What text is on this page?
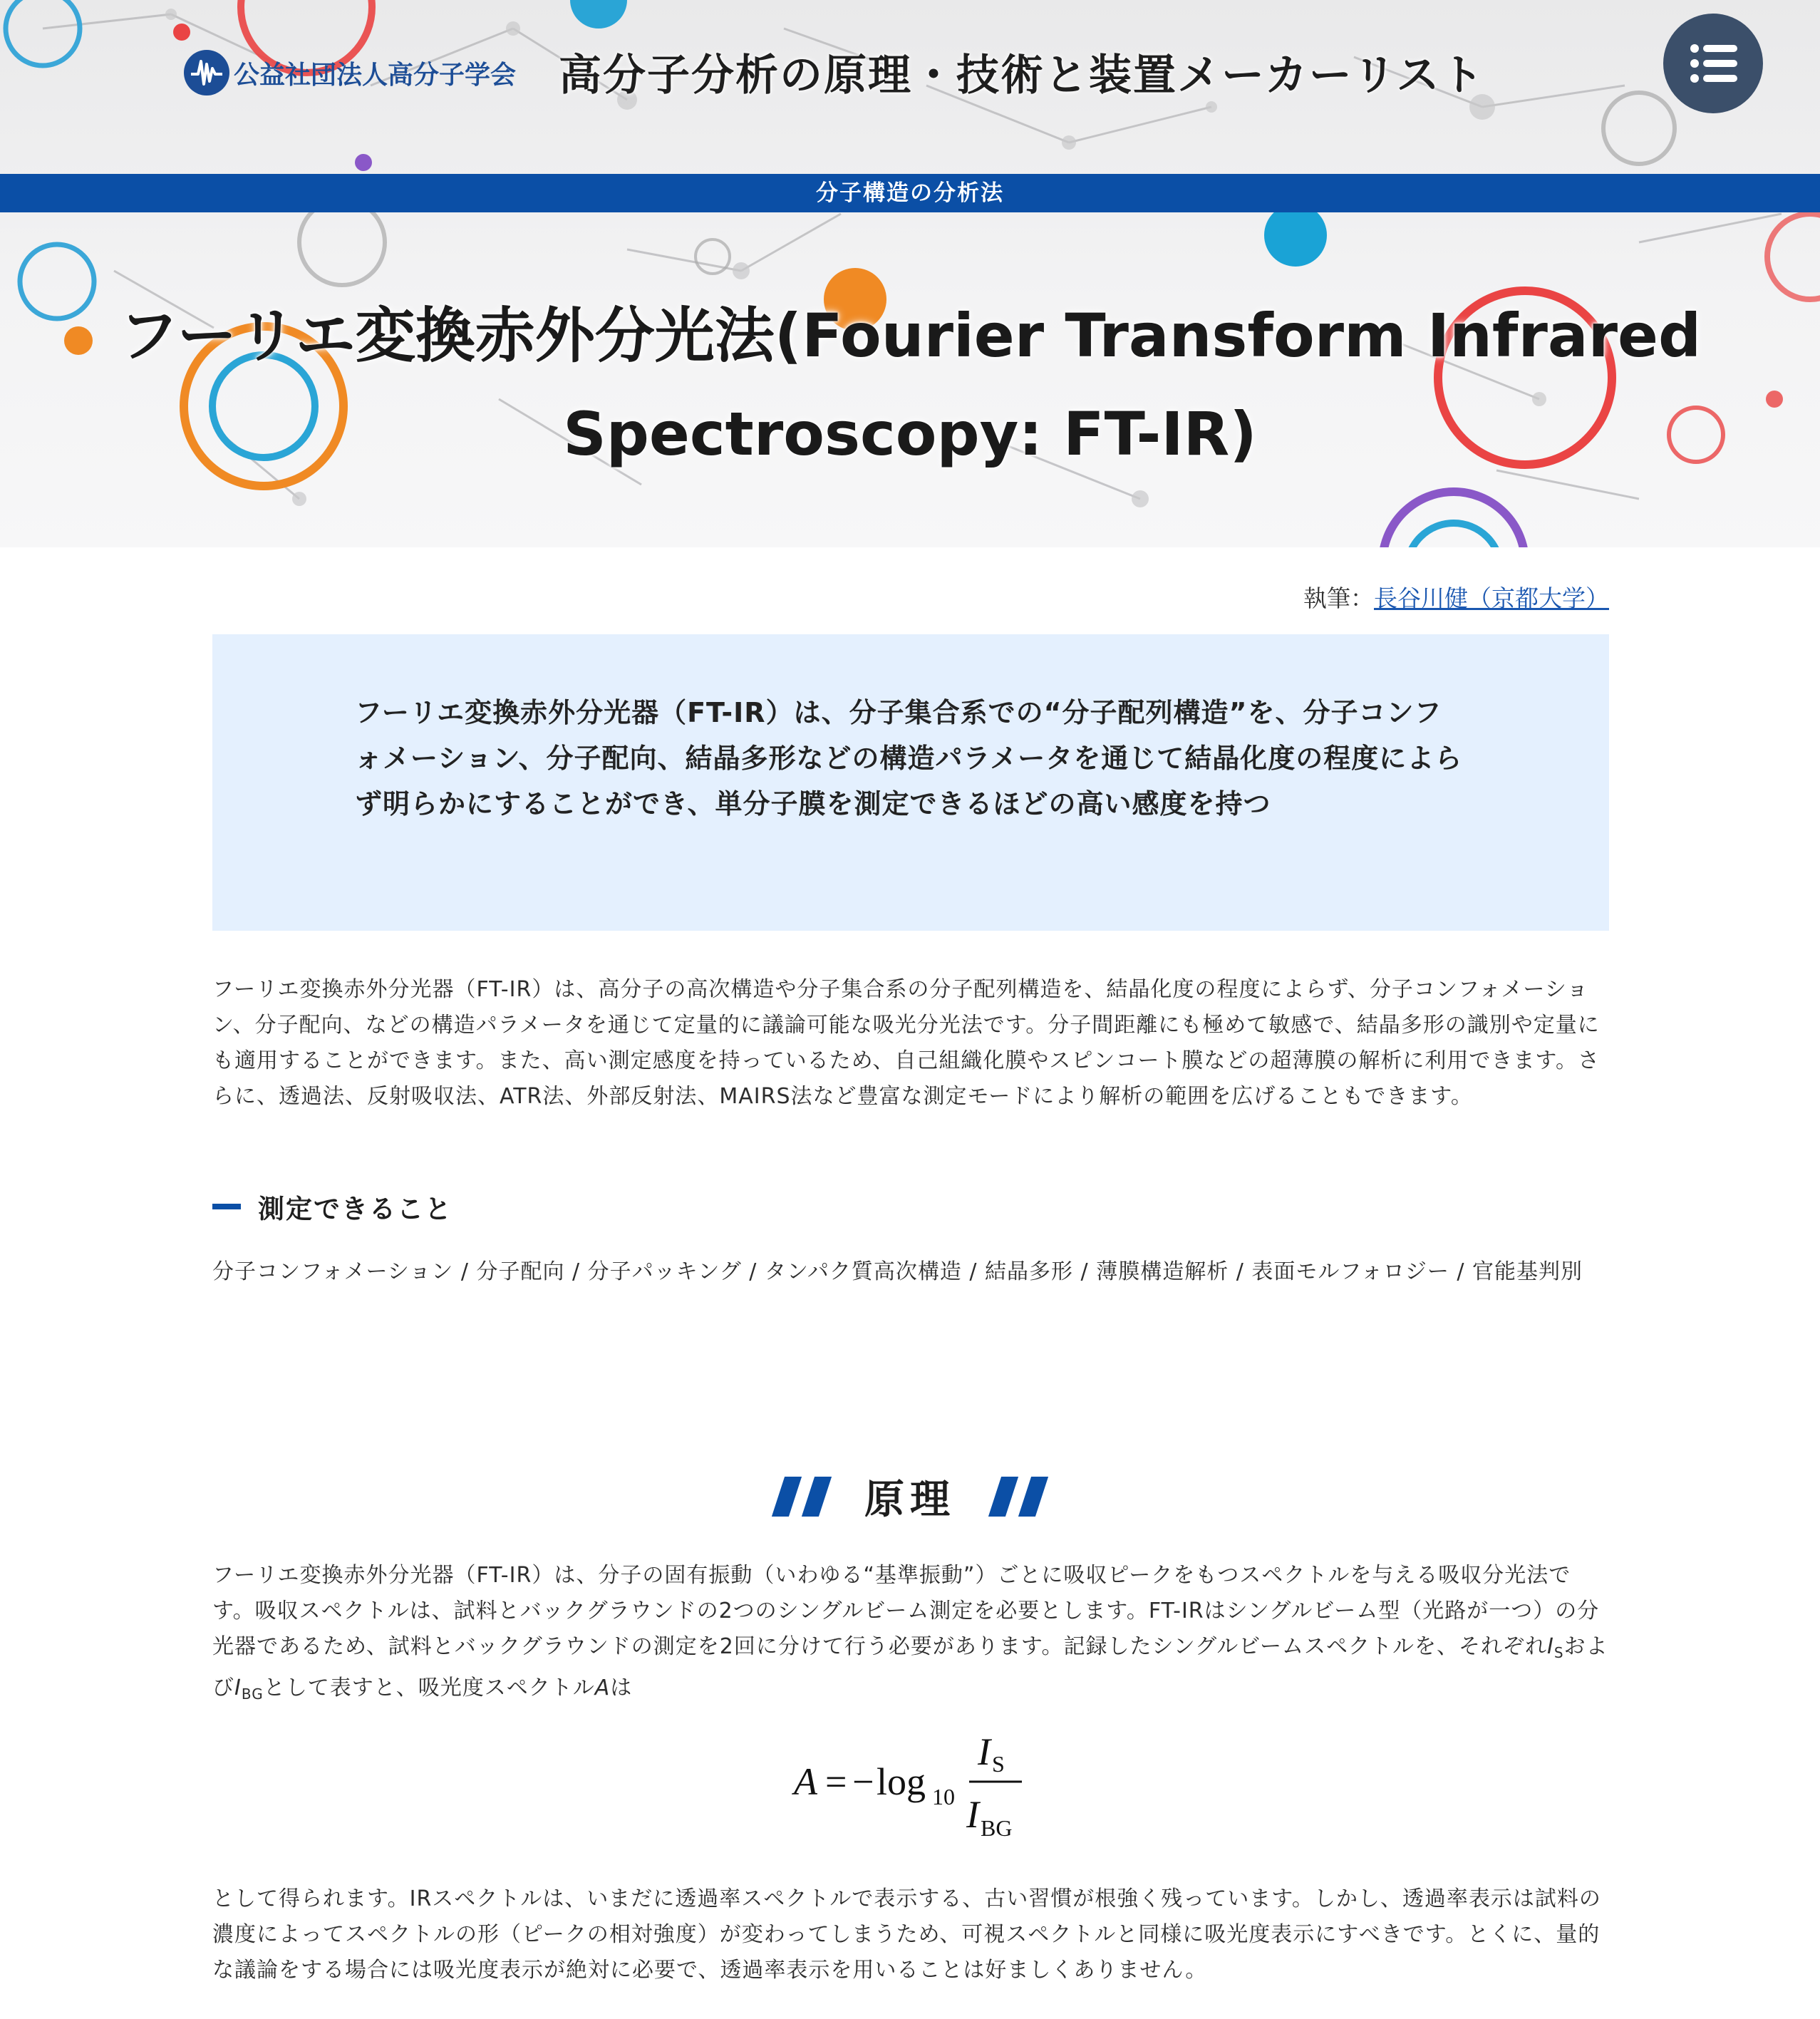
公益社団法人高分子学会 高分子分析の原理・技術と装置メーカーリスト
分子構造の分析法
フーリエ変換赤外分光法(Fourier Transform Infrared Spectroscopy: FT-IR)
執筆：長谷川健（京都大学）
フーリエ変換赤外分光器（FT-IR）は、分子集合系での“分子配列構造”を、分子コンフォメーション、分子配向、結晶多形などの構造パラメータを通じて結晶化度の程度によらず明らかにすることができ、単分子膜を測定できるほどの高い感度を持つ

フーリエ変換赤外分光器（FT-IR）は、高分子の高次構造や分子集合系の分子配列構造を、結晶化度の程度によらず、分子コンフォメーション、分子配向、などの構造パラメータを通じて定量的に議論可能な吸光分光法です。分子間距離にも極めて敏感で、結晶多形の識別や定量にも適用することができます。また、高い測定感度を持っているため、自己組織化膜やスピンコート膜などの超薄膜の解析に利用できます。さらに、透過法、反射吸収法、ATR法、外部反射法、MAIRS法など豊富な測定モードにより解析の範囲を広げることもできます。

測定できること

分子コンフォメーション / 分子配向 / 分子パッキング / タンパク質高次構造 / 結晶多形 / 薄膜構造解析 / 表面モルフォロジー / 官能基判別

原理

フーリエ変換赤外分光器（FT-IR）は、分子の固有振動（いわゆる“基準振動”）ごとに吸収ピークをもつスペクトルを与える吸収分光法です。吸収スペクトルは、試料とバックグラウンドの2つのシングルビーム測定を必要とします。FT-IRはシングルビーム型（光路が一つ）の分光器であるため、試料とバックグラウンドの測定を2回に分けて行う必要があります。記録したシングルビームスペクトルを、それぞれ$I_S$および$I_{BG}$として表すと、吸光度スペクトルAは

A = − log 10
I S
I BG

として得られます。IRスペクトルは、いまだに透過率スペクトルで表示する、古い習慣が根強く残っています。しかし、透過率表示は試料の濃度によってスペクトルの形（ピークの相対強度）が変わってしまうため、可視スペクトルと同様に吸光度表示にすべきです。とくに、量的な議論をする場合には吸光度表示が絶対に必要で、透過率表示を用いることは好ましくありません。
